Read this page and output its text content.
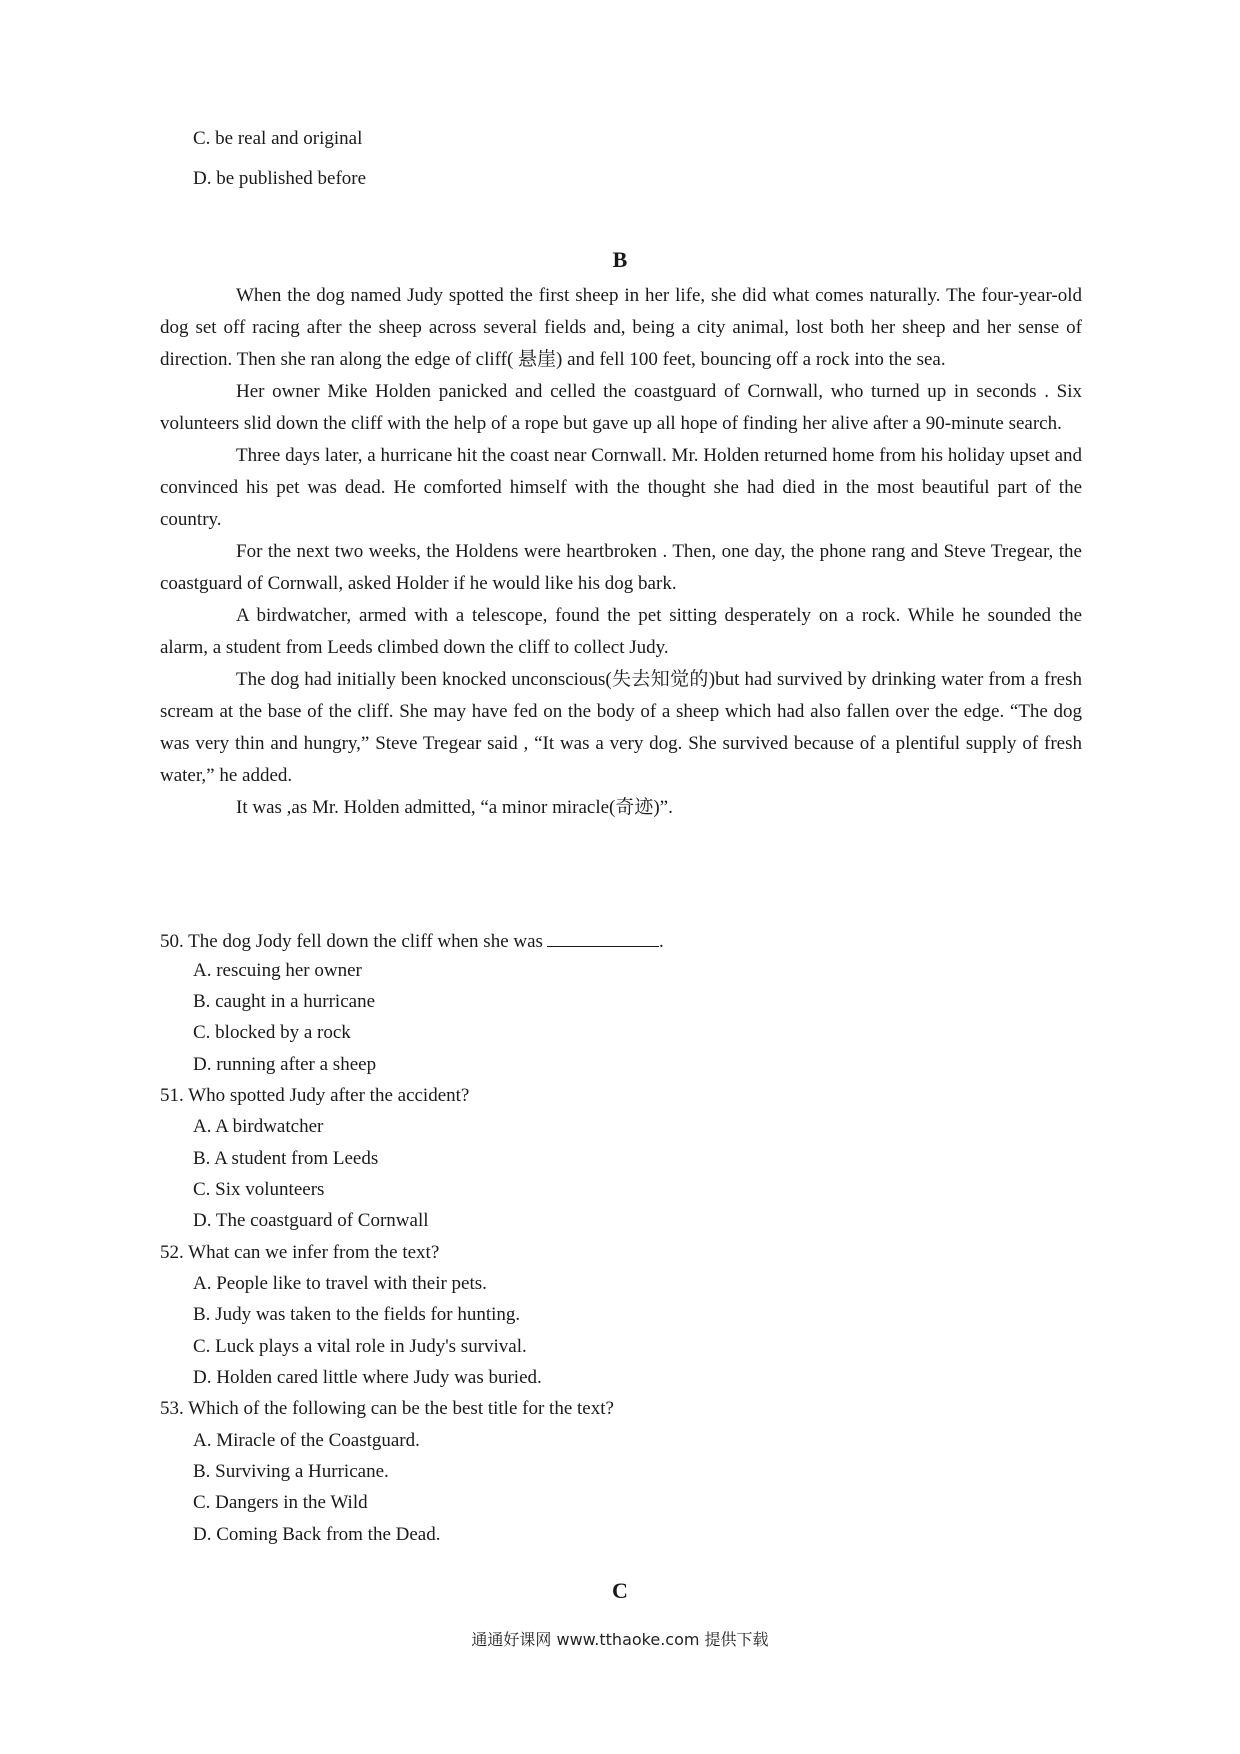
C. be real and original
D. be published before
B

When the dog named Judy spotted the first sheep in her life, she did what comes naturally. The four-year-old dog set off racing after the sheep across several fields and, being a city animal, lost both her sheep and her sense of direction. Then she ran along the edge of cliff( 悬崖) and fell 100 feet, bouncing off a rock into the sea.

Her owner Mike Holden panicked and celled the coastguard of Cornwall, who turned up in seconds . Six volunteers slid down the cliff with the help of a rope but gave up all hope of finding her alive after a 90-minute search.

Three days later, a hurricane hit the coast near Cornwall. Mr. Holden returned home from his holiday upset and convinced his pet was dead. He comforted himself with the thought she had died in the most beautiful part of the country.

For the next two weeks, the Holdens were heartbroken . Then, one day, the phone rang and Steve Tregear, the coastguard of Cornwall, asked Holder if he would like his dog bark.

A birdwatcher, armed with a telescope, found the pet sitting desperately on a rock. While he sounded the alarm, a student from Leeds climbed down the cliff to collect Judy.

The dog had initially been knocked unconscious(失去知觉的)but had survived by drinking water from a fresh scream at the base of the cliff. She may have fed on the body of a sheep which had also fallen over the edge. “The dog was very thin and hungry,” Steve Tregear said , “It was a very dog. She survived because of a plentiful supply of fresh water,” he added.

It was ,as Mr. Holden admitted, “a minor miracle(奇迹)”.

50. The dog Jody fell down the cliff when she was	.
A. rescuing her owner
B. caught in a hurricane
C. blocked by a rock
D. running after a sheep
51. Who spotted Judy after the accident?
A. A birdwatcher
B. A student from Leeds
C. Six volunteers
D. The coastguard of Cornwall
52. What can we infer from the text?
A. People like to travel with their pets.
B. Judy was taken to the fields for hunting.
C. Luck plays a vital role in Judy's survival.
D. Holden cared little where Judy was buried.
53. Which of the following can be the best title for the text?
A. Miracle of the Coastguard.
B. Surviving a Hurricane.
C. Dangers in the Wild
D. Coming Back from the Dead.
C
通通好课网 www.tthaoke.com 提供下载
